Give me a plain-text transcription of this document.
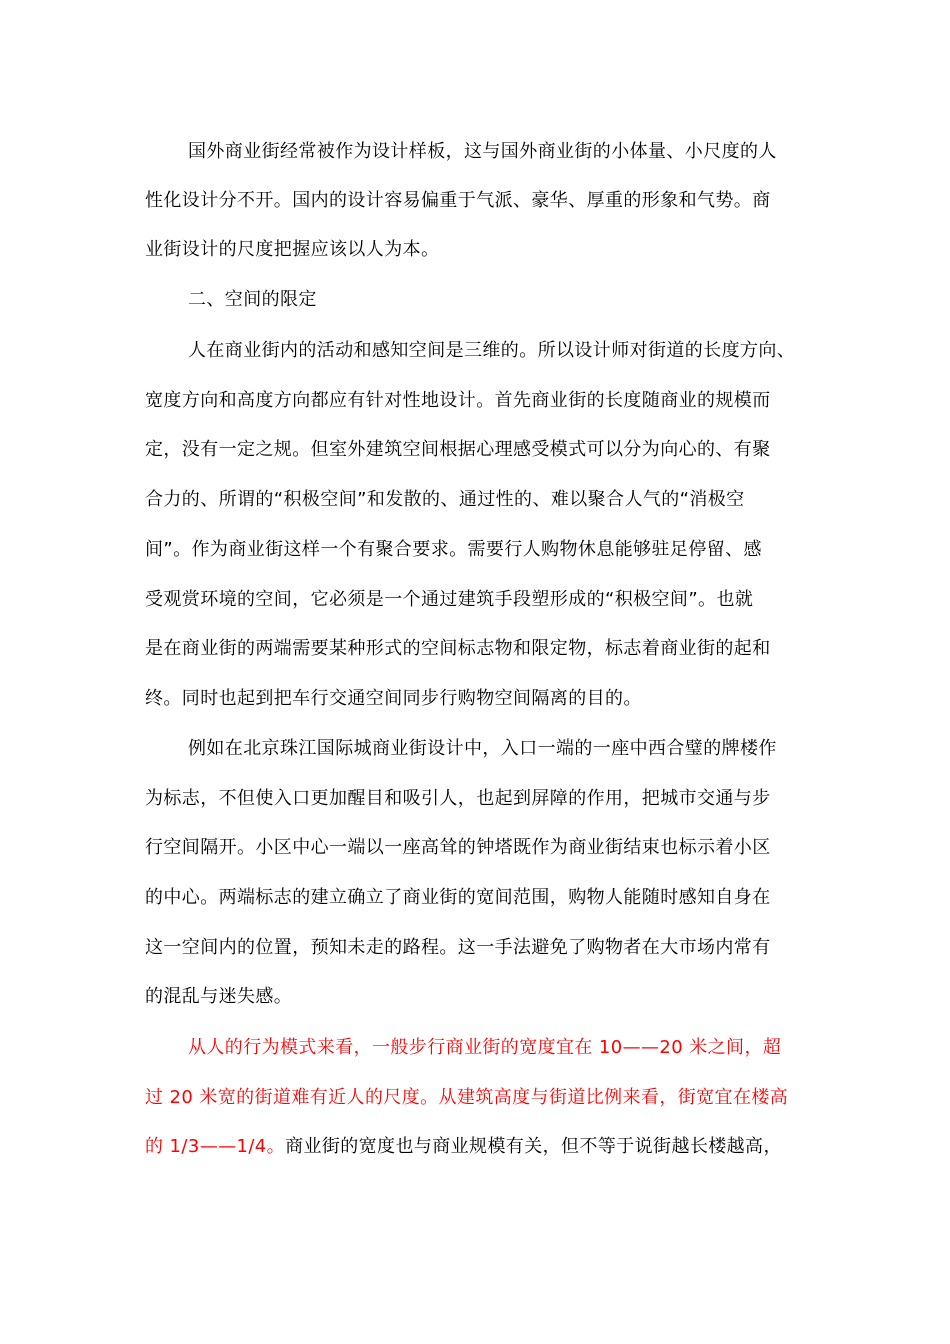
国外商业街经常被作为设计样板，这与国外商业街的小体量、小尺度的人
性化设计分不开。国内的设计容易偏重于气派、豪华、厚重的形象和气势。商
业街设计的尺度把握应该以人为本。
二、空间的限定
人在商业街内的活动和感知空间是三维的。所以设计师对街道的长度方向、
宽度方向和高度方向都应有针对性地设计。首先商业街的长度随商业的规模而
定，没有一定之规。但室外建筑空间根据心理感受模式可以分为向心的、有聚
合力的、所谓的“积极空间”和发散的、通过性的、难以聚合人气的“消极空
间”。作为商业街这样一个有聚合要求。需要行人购物休息能够驻足停留、感
受观赏环境的空间，它必须是一个通过建筑手段塑形成的“积极空间”。也就
是在商业街的两端需要某种形式的空间标志物和限定物，标志着商业街的起和
终。同时也起到把车行交通空间同步行购物空间隔离的目的。
例如在北京珠江国际城商业街设计中，入口一端的一座中西合璧的牌楼作
为标志，不但使入口更加醒目和吸引人，也起到屏障的作用，把城市交通与步
行空间隔开。小区中心一端以一座高耸的钟塔既作为商业街结束也标示着小区
的中心。两端标志的建立确立了商业街的宽间范围，购物人能随时感知自身在
这一空间内的位置，预知未走的路程。这一手法避免了购物者在大市场内常有
的混乱与迷失感。
从人的行为模式来看，一般步行商业街的宽度宜在 10——20 米之间，超
过 20 米宽的街道难有近人的尺度。从建筑高度与街道比例来看，街宽宜在楼高
的 1/3——1/4。商业街的宽度也与商业规模有关，但不等于说街越长楼越高，
